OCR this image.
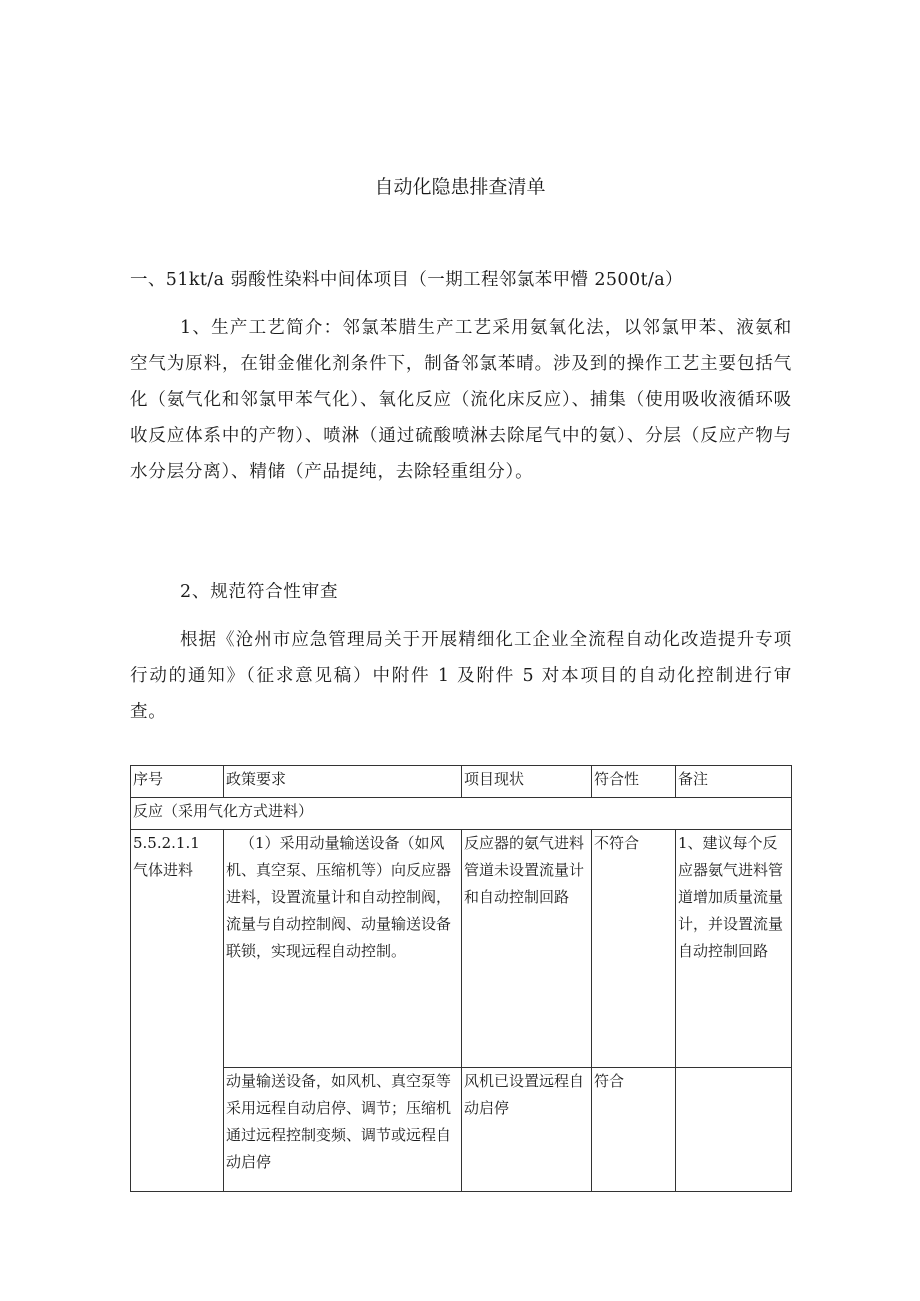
自动化隐患排查清单
一、51kt/a 弱酸性染料中间体项目（一期工程邻氯苯甲懵 2500t/a）
1、生产工艺简介：邻氯苯腊生产工艺采用氨氧化法，以邻氯甲苯、液氨和空气为原料，在钳金催化剂条件下，制备邻氯苯晴。涉及到的操作工艺主要包括气化（氨气化和邻氯甲苯气化）、氧化反应（流化床反应）、捕集（使用吸收液循环吸收反应体系中的产物）、喷淋（通过硫酸喷淋去除尾气中的氨）、分层（反应产物与水分层分离）、精储（产品提纯，去除轻重组分）。
2、规范符合性审查
根据《沧州市应急管理局关于开展精细化工企业全流程自动化改造提升专项行动的通知》（征求意见稿）中附件 1 及附件 5 对本项目的自动化控制进行审查。
序号	政策要求	项目现状	符合性	备注
反应（采用气化方式进料）				

5.5.2.1.1
气体进料	（1）采用动量输送设备（如风机、真空泵、压缩机等）向反应器进料，设置流量计和自动控制阀，流量与自动控制阀、动量输送设备联锁，实现远程自动控制。	反应器的氨气进料管道未设置流量计和自动控制回路	不符合	1、建议每个反应器氨气进料管道增加质量流量计，并设置流量自动控制回路
	动量输送设备，如风机、真空泵等采用远程自动启停、调节；压缩机通过远程控制变频、调节或远程自动启停	风机已设置远程自动启停	符合	
